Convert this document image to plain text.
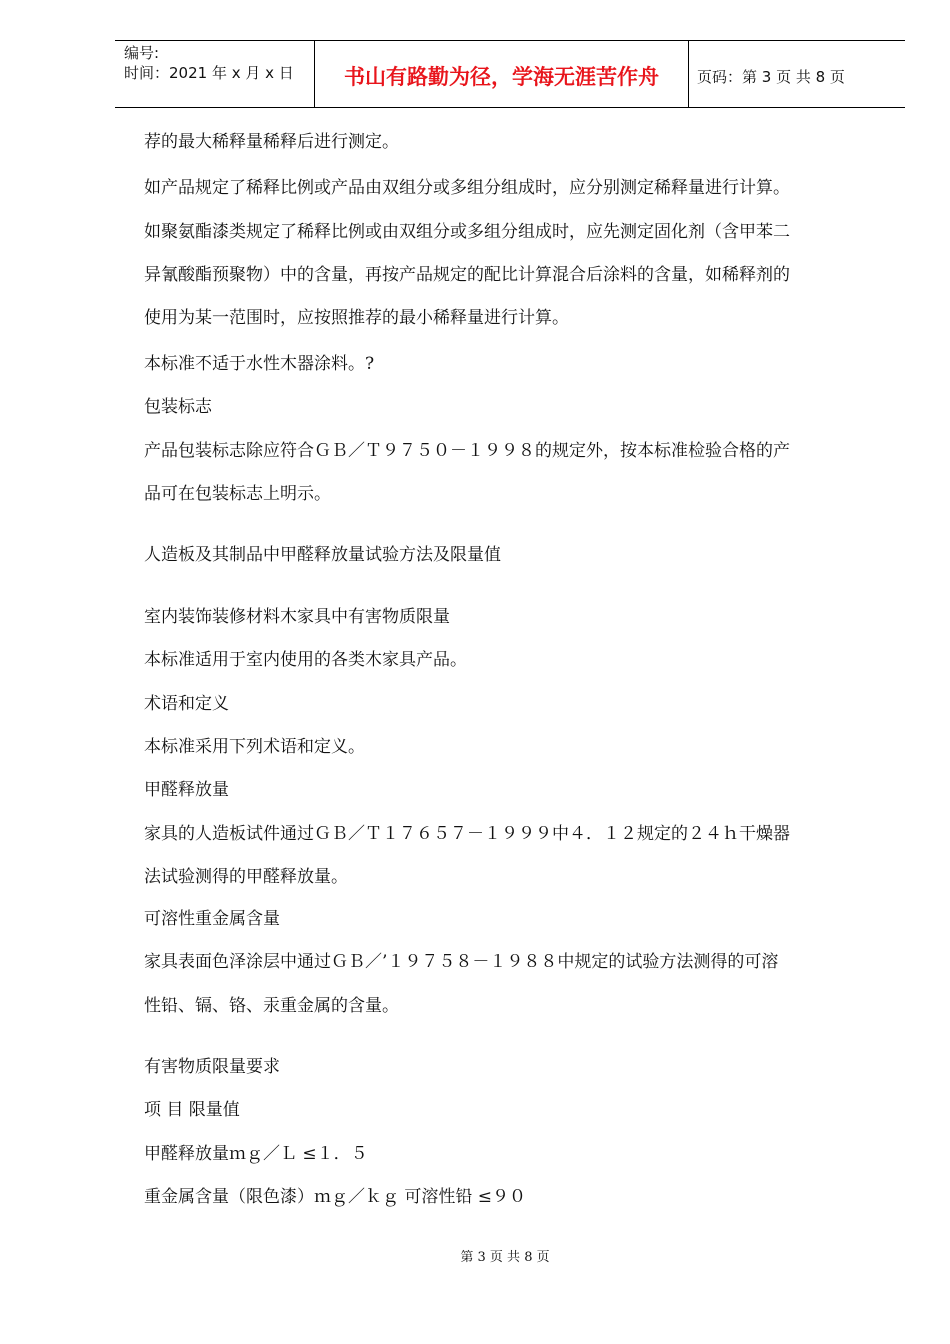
编号:
时间：2021 年 x 月 x 日	书山有路勤为径，学海无涯苦作舟	页码：第 3 页 共 8 页
荐的最大稀释量稀释后进行测定。
如产品规定了稀释比例或产品由双组分或多组分组成时，应分别测定稀释量进行计算。
如聚氨酯漆类规定了稀释比例或由双组分或多组分组成时，应先测定固化剂（含甲苯二
异氰酸酯预聚物）中的含量，再按产品规定的配比计算混合后涂料的含量，如稀释剂的
使用为某一范围时，应按照推荐的最小稀释量进行计算。
本标准不适于水性木器涂料。?
包装标志
产品包装标志除应符合ＧＢ／Ｔ９７５０－１９９８的规定外，按本标准检验合格的产
品可在包装标志上明示。
人造板及其制品中甲醛释放量试验方法及限量值
室内装饰装修材料木家具中有害物质限量
本标准适用于室内使用的各类木家具产品。
术语和定义
本标准采用下列术语和定义。
甲醛释放量
家具的人造板试件通过ＧＢ／Ｔ１７６５７－１９９９中４．１２规定的２４ｈ干燥器
法试验测得的甲醛释放量。
可溶性重金属含量
家具表面色泽涂层中通过ＧＢ／’１９７５８－１９８８中规定的试验方法测得的可溶
性铅、镉、铬、汞重金属的含量。
有害物质限量要求
项 目 限量值
甲醛释放量ｍｇ／Ｌ ≤１．５
重金属含量（限色漆）ｍｇ／ｋｇ 可溶性铅 ≤９０
第 3 页 共 8 页
